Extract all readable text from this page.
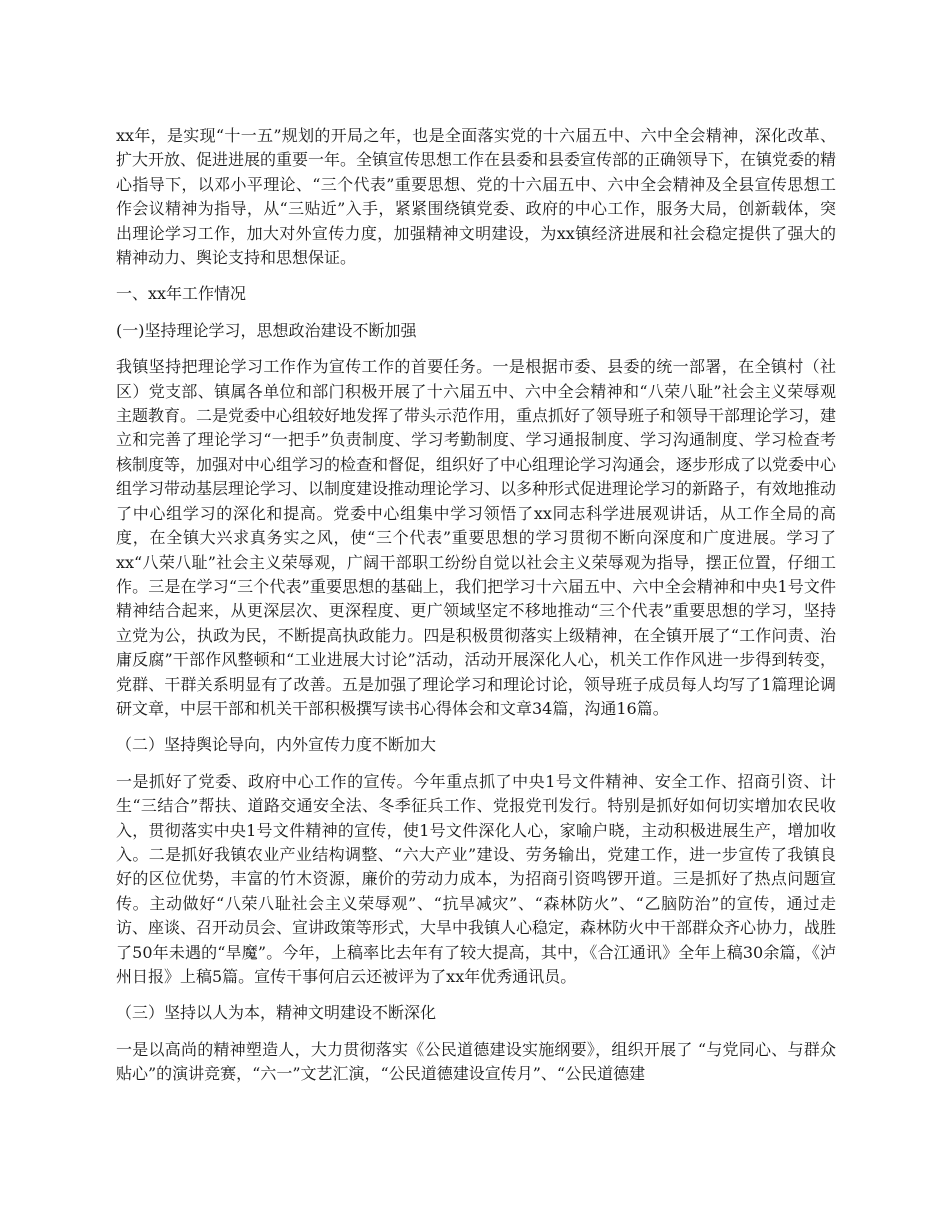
xx年，是实现“十一五”规划的开局之年，也是全面落实党的十六届五中、六中全会精神，深化改革、扩大开放、促进进展的重要一年。全镇宣传思想工作在县委和县委宣传部的正确领导下，在镇党委的精心指导下，以邓小平理论、“三个代表”重要思想、党的十六届五中、六中全会精神及全县宣传思想工作会议精神为指导，从“三贴近”入手，紧紧围绕镇党委、政府的中心工作，服务大局，创新载体，突出理论学习工作，加大对外宣传力度，加强精神文明建设，为xx镇经济进展和社会稳定提供了强大的精神动力、舆论支持和思想保证。

一、xx年工作情况

(一)坚持理论学习，思想政治建设不断加强

我镇坚持把理论学习工作作为宣传工作的首要任务。一是根据市委、县委的统一部署，在全镇村（社区）党支部、镇属各单位和部门积极开展了十六届五中、六中全会精神和“八荣八耻”社会主义荣辱观主题教育。二是党委中心组较好地发挥了带头示范作用，重点抓好了领导班子和领导干部理论学习，建立和完善了理论学习“一把手”负责制度、学习考勤制度、学习通报制度、学习沟通制度、学习检查考核制度等，加强对中心组学习的检查和督促，组织好了中心组理论学习沟通会，逐步形成了以党委中心组学习带动基层理论学习、以制度建设推动理论学习、以多种形式促进理论学习的新路子，有效地推动了中心组学习的深化和提高。党委中心组集中学习领悟了xx同志科学进展观讲话，从工作全局的高度，在全镇大兴求真务实之风，使“三个代表”重要思想的学习贯彻不断向深度和广度进展。学习了xx“八荣八耻”社会主义荣辱观，广阔干部职工纷纷自觉以社会主义荣辱观为指导，摆正位置，仔细工作。三是在学习“三个代表”重要思想的基础上，我们把学习十六届五中、六中全会精神和中央1号文件精神结合起来，从更深层次、更深程度、更广领域坚定不移地推动“三个代表”重要思想的学习，坚持立党为公，执政为民，不断提高执政能力。四是积极贯彻落实上级精神，在全镇开展了“工作问责、治庸反腐”干部作风整顿和“工业进展大讨论”活动，活动开展深化人心，机关工作作风进一步得到转变，党群、干群关系明显有了改善。五是加强了理论学习和理论讨论，领导班子成员每人均写了1篇理论调研文章，中层干部和机关干部积极撰写读书心得体会和文章34篇，沟通16篇。

（二）坚持舆论导向，内外宣传力度不断加大

一是抓好了党委、政府中心工作的宣传。今年重点抓了中央1号文件精神、安全工作、招商引资、计生“三结合”帮扶、道路交通安全法、冬季征兵工作、党报党刊发行。特别是抓好如何切实增加农民收入，贯彻落实中央1号文件精神的宣传，使1号文件深化人心，家喻户晓，主动积极进展生产，增加收入。二是抓好我镇农业产业结构调整、“六大产业”建设、劳务输出，党建工作，进一步宣传了我镇良好的区位优势，丰富的竹木资源，廉价的劳动力成本，为招商引资鸣锣开道。三是抓好了热点问题宣传。主动做好“八荣八耻社会主义荣辱观”、“抗旱减灾”、“森林防火”、“乙脑防治”的宣传，通过走访、座谈、召开动员会、宣讲政策等形式，大旱中我镇人心稳定，森林防火中干部群众齐心协力，战胜了50年未遇的“旱魔”。今年，上稿率比去年有了较大提高，其中，《合江通讯》全年上稿30余篇，《泸州日报》上稿5篇。宣传干事何启云还被评为了xx年优秀通讯员。

（三）坚持以人为本，精神文明建设不断深化

一是以高尚的精神塑造人，大力贯彻落实《公民道德建设实施纲要》，组织开展了 “与党同心、与群众贴心”的演讲竞赛，“六一”文艺汇演，“公民道德建设宣传月”、“公民道德建
